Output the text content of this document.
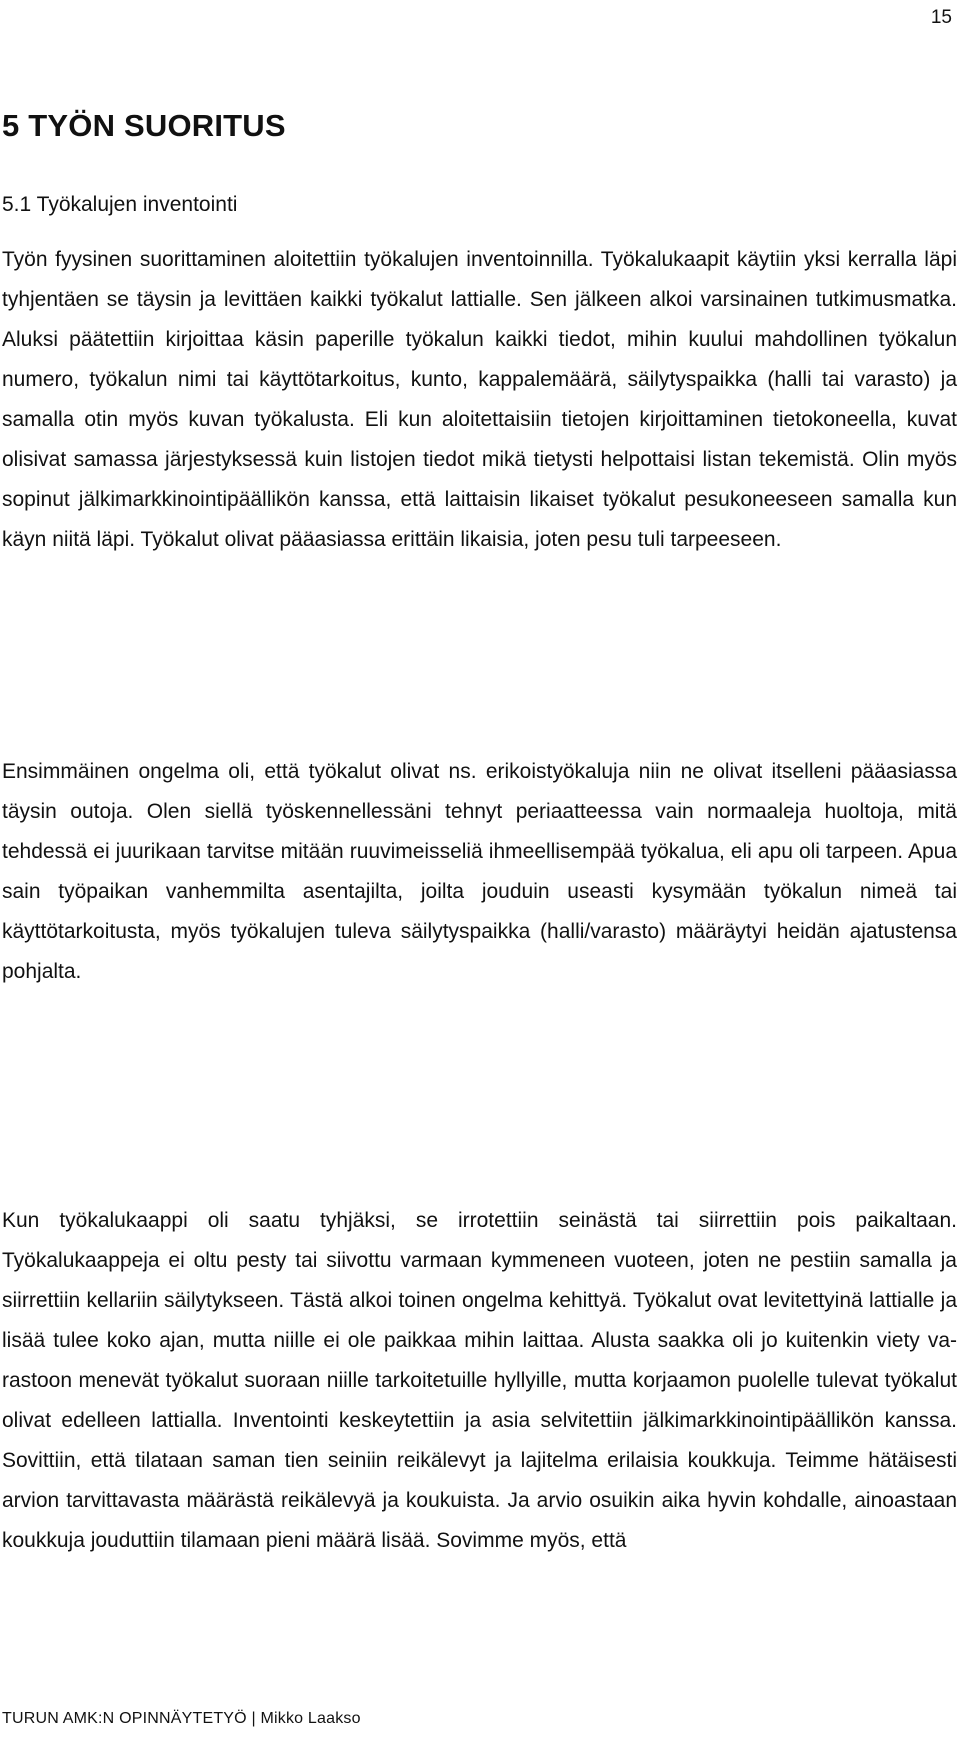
15
5 TYÖN SUORITUS
5.1 Työkalujen inventointi

Työn fyysinen suorittaminen aloitettiin työkalujen inventoinnilla. Työkalukaapit käytiin yksi kerralla läpi tyhjentäen se täysin ja levittäen kaikki työkalut lattialle. Sen jälkeen alkoi varsinainen tutkimusmatka. Aluksi päätettiin kirjoittaa käsin paperille työkalun kaikki tiedot, mihin kuului mahdollinen työkalun numero, työkalun nimi tai käyttötarkoitus, kunto, kappalemäärä, säilytyspaikka (halli tai varasto) ja samalla otin myös kuvan työkalusta. Eli kun aloitettaisiin tietojen kirjoittaminen tietokoneella, kuvat olisivat samassa järjestyksessä kuin listojen tiedot mikä tietysti helpottaisi listan tekemistä. Olin myös sopinut jälkimarkkinointipäällikön kanssa, että laittaisin likaiset työkalut pesukoneeseen samalla kun käyn niitä läpi. Työkalut olivat pääasiassa erittäin likaisia, joten pesu tuli tarpeeseen.

Ensimmäinen ongelma oli, että työkalut olivat ns. erikoistyökaluja niin ne olivat itselleni pääasiassa täysin outoja. Olen siellä työskennellessäni tehnyt periaatteessa vain normaaleja huoltoja, mitä tehdessä ei juurikaan tarvitse mitään ruuvimeisseliä ihmeellisempää työkalua, eli apu oli tarpeen. Apua sain työpaikan vanhemmilta asentajilta, joilta jouduin useasti kysymään työkalun nimeä tai käyttötarkoitusta, myös työkalujen tuleva säilytyspaikka (halli/varasto) määräytyi heidän ajatustensa pohjalta.

Kun työkalukaappi oli saatu tyhjäksi, se irrotettiin seinästä tai siirrettiin pois paikaltaan. Työkalukaappeja ei oltu pesty tai siivottu varmaan kymmeneen vuoteen, joten ne pestiin samalla ja siirrettiin kellariin säilytykseen. Tästä alkoi toinen ongelma kehittyä. Työkalut ovat levitettyinä lattialle ja lisää tulee koko ajan, mutta niille ei ole paikkaa mihin laittaa. Alusta saakka oli jo kuitenkin viety varastoon menevät työkalut suoraan niille tarkoitetuille hyllyille, mutta korjaamon puolelle tulevat työkalut olivat edelleen lattialla. Inventointi keskeytettiin ja asia selvitettiin jälkimarkkinointipäällikön kanssa. Sovittiin, että tilataan saman tien seiniin reikälevyt ja lajitelma erilaisia koukkuja. Teimme hätäisesti arvion tarvittavasta määrästä reikälevyä ja koukuista. Ja arvio osuikin aika hyvin kohdalle, ainoastaan koukkuja jouduttiin tilamaan pieni määrä lisää. Sovimme myös, että

TURUN AMK:N OPINNÄYTETYÖ | Mikko Laakso
